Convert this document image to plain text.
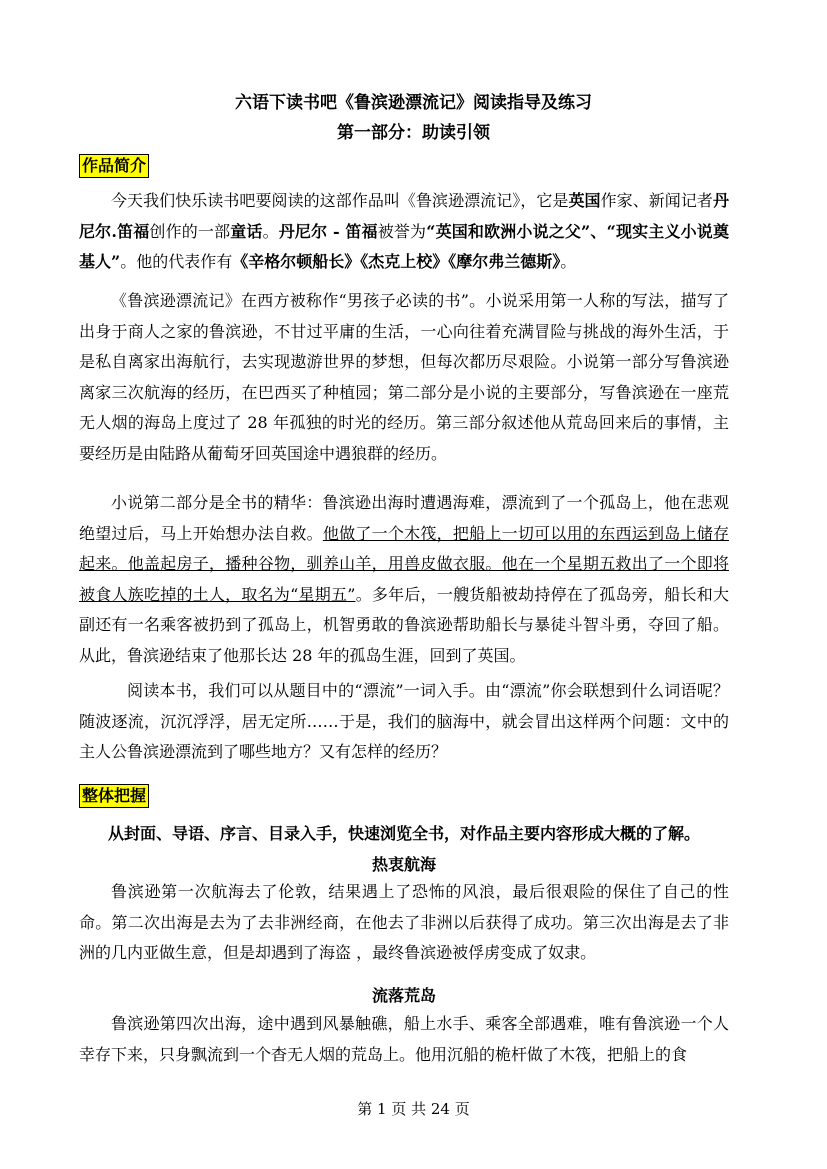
六语下读书吧《鲁滨逊漂流记》阅读指导及练习
第一部分：助读引领
作品简介
今天我们快乐读书吧要阅读的这部作品叫《鲁滨逊漂流记》，它是英国作家、新闻记者丹尼尔.笛福创作的一部童话。丹尼尔 - 笛福被誉为“英国和欧洲小说之父”、“现实主义小说奠基人”。他的代表作有《辛格尔顿船长》《杰克上校》《摩尔弗兰德斯》。
《鲁滨逊漂流记》在西方被称作“男孩子必读的书”。小说采用第一人称的写法，描写了出身于商人之家的鲁滨逊，不甘过平庸的生活，一心向往着充满冒险与挑战的海外生活，于是私自离家出海航行，去实现遨游世界的梦想，但每次都历尽艰险。小说第一部分写鲁滨逊离家三次航海的经历，在巴西买了种植园；第二部分是小说的主要部分，写鲁滨逊在一座荒无人烟的海岛上度过了 28 年孤独的时光的经历。第三部分叙述他从荒岛回来后的事情，主要经历是由陆路从葡萄牙回英国途中遇狼群的经历。
小说第二部分是全书的精华：鲁滨逊出海时遭遇海难，漂流到了一个孤岛上，他在悲观绝望过后，马上开始想办法自救。他做了一个木筏，把船上一切可以用的东西运到岛上储存起来。他盖起房子，播种谷物，驯养山羊，用兽皮做衣服。他在一个星期五救出了一个即将被食人族吃掉的土人，取名为“星期五”。多年后，一艘货船被劫持停在了孤岛旁，船长和大副还有一名乘客被扔到了孤岛上，机智勇敢的鲁滨逊帮助船长与暴徒斗智斗勇，夺回了船。从此，鲁滨逊结束了他那长达 28 年的孤岛生涯，回到了英国。
阅读本书，我们可以从题目中的“漂流”一词入手。由“漂流”你会联想到什么词语呢？随波逐流，沉沉浮浮，居无定所……于是，我们的脑海中，就会冒出这样两个问题：文中的主人公鲁滨逊漂流到了哪些地方？又有怎样的经历？
整体把握
从封面、导语、序言、目录入手，快速浏览全书，对作品主要内容形成大概的了解。
热衷航海
鲁滨逊第一次航海去了伦敦，结果遇上了恐怖的风浪，最后很艰险的保住了自己的性命。第二次出海是去为了去非洲经商，在他去了非洲以后获得了成功。第三次出海是去了非洲的几内亚做生意，但是却遇到了海盗 ，最终鲁滨逊被俘虏变成了奴隶。
流落荒岛
鲁滨逊第四次出海，途中遇到风暴触礁，船上水手、乘客全部遇难，唯有鲁滨逊一个人幸存下来，只身飘流到一个杳无人烟的荒岛上。他用沉船的桅杆做了木筏，把船上的食
第 1 页 共 24 页
